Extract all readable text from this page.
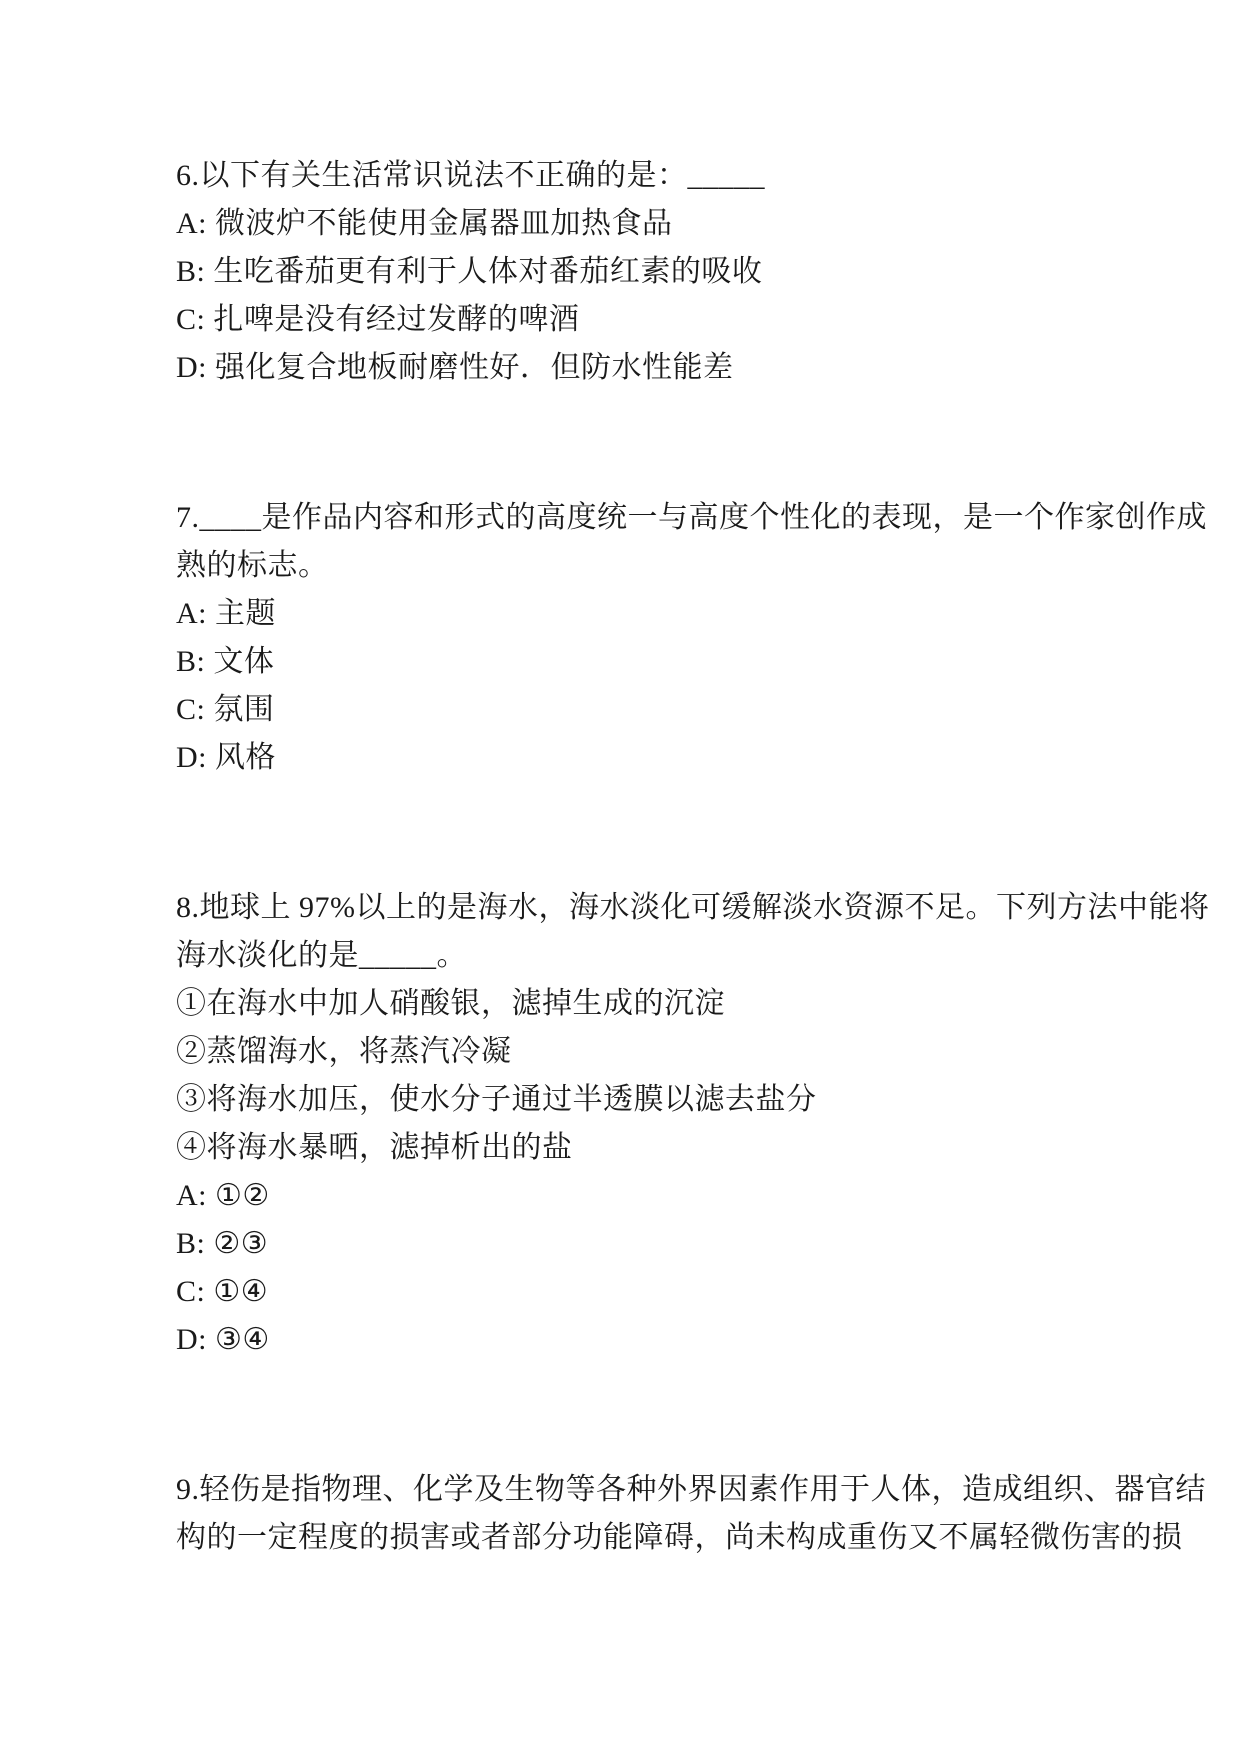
6.以下有关生活常识说法不正确的是：_____
A: 微波炉不能使用金属器皿加热食品
B: 生吃番茄更有利于人体对番茄红素的吸收
C: 扎啤是没有经过发酵的啤酒
D: 强化复合地板耐磨性好．但防水性能差
7.____是作品内容和形式的高度统一与高度个性化的表现，是一个作家创作成
熟的标志。
A: 主题
B: 文体
C: 氛围
D: 风格
8.地球上 97%以上的是海水，海水淡化可缓解淡水资源不足。下列方法中能将
海水淡化的是_____。
①在海水中加人硝酸银，滤掉生成的沉淀
②蒸馏海水，将蒸汽冷凝
③将海水加压，使水分子通过半透膜以滤去盐分
④将海水暴晒，滤掉析出的盐
A: ①②
B: ②③
C: ①④
D: ③④
9.轻伤是指物理、化学及生物等各种外界因素作用于人体，造成组织、器官结
构的一定程度的损害或者部分功能障碍，尚未构成重伤又不属轻微伤害的损
